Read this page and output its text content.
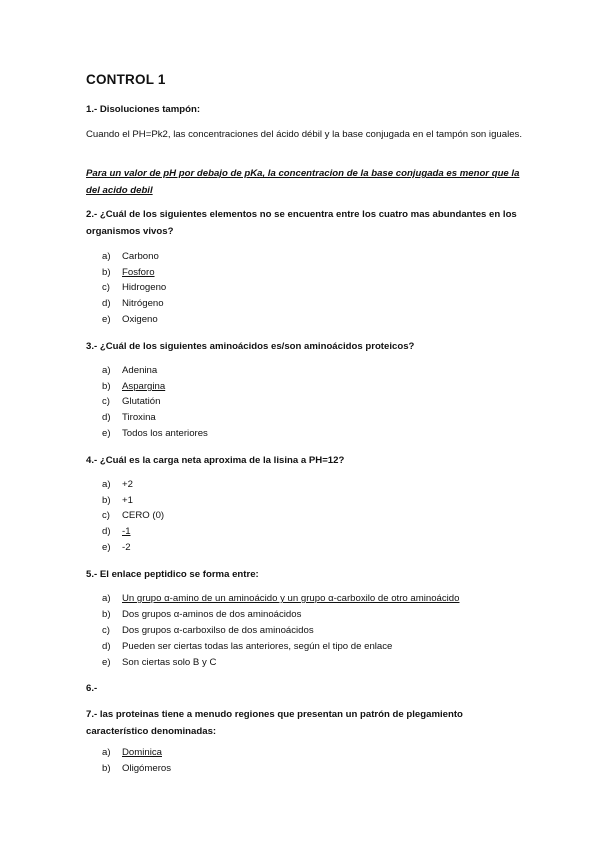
CONTROL 1
1.- Disoluciones tampón:
Cuando el PH=Pk2, las concentraciones del ácido débil y la base conjugada en el tampón son iguales.
Para un valor de pH por debajo de pKa, la concentracion de la base conjugada es menor que la del acido debil
2.- ¿Cuál de los siguientes elementos no se encuentra entre los cuatro mas abundantes en los organismos vivos?
a) Carbono
b) Fosforo
c) Hidrogeno
d) Nitrógeno
e) Oxigeno
3.- ¿Cuál de los siguientes aminoácidos es/son aminoácidos proteicos?
a) Adenina
b) Aspargina
c) Glutatión
d) Tiroxina
e) Todos los anteriores
4.- ¿Cuál es la carga neta aproxima de la lisina a PH=12?
a) +2
b) +1
c) CERO (0)
d) -1
e) -2
5.- El enlace peptidico se forma entre:
a) Un grupo α-amino de un aminoácido y un grupo α-carboxilo de otro aminoácido
b) Dos grupos α-aminos de dos aminoácidos
c) Dos grupos α-carboxilso de dos aminoácidos
d) Pueden ser ciertas todas las anteriores, según el tipo de enlace
e) Son ciertas solo B y C
6.-
7.- las proteinas tiene a menudo regiones que presentan un patrón de plegamiento característico denominadas:
a) Dominica
b) Oligómeros
